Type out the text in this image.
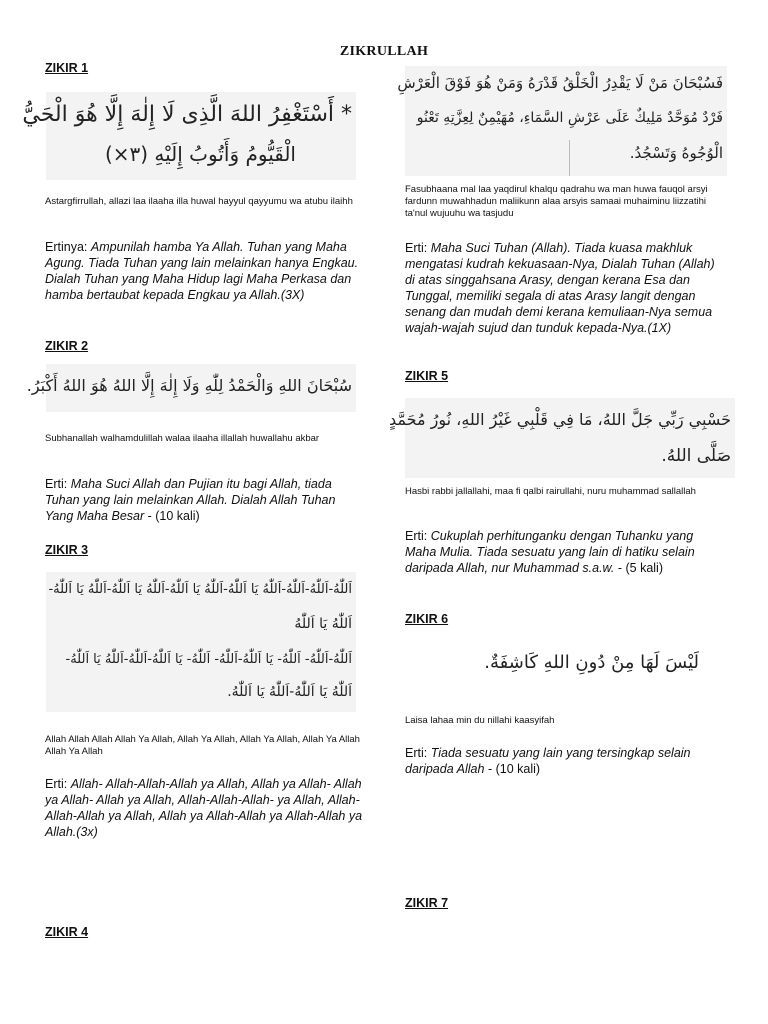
ZIKRULLAH
ZIKIR 1
* أَسْتَغْفِرُ اللهَ الَّذِى لَا إِلٰهَ إِلَّا هُوَ الْحَيُّ
الْقَيُّومُ وَأَتُوبُ إِلَيْهِ (٣×)
Astargfirrullah, allazi laa ilaaha illa huwal hayyul qayyumu wa atubu ilaihh
Ertinya: Ampunilah hamba Ya Allah. Tuhan yang Maha Agung. Tiada Tuhan yang lain melainkan hanya Engkau. Dialah Tuhan yang Maha Hidup lagi Maha Perkasa dan hamba bertaubat kepada Engkau ya Allah.(3X)
ZIKIR 2
سُبْحَانَ اللهِ وَالْحَمْدُ لِلّٰهِ وَلَا إِلٰهَ إِلَّا اللهُ هُوَ اللهُ أَكْبَرُ.
Subhanallah walhamdulillah walaa ilaaha illallah huwallahu akbar
Erti: Maha Suci Allah dan Pujian itu bagi Allah, tiada Tuhan yang lain melainkan Allah. Dialah Allah Tuhan Yang Maha Besar - (10 kali)
ZIKIR 3
اَللّٰهُ-اَللّٰهُ-اَللّٰهُ-اَللّٰهُ يَا اَللّٰهُ-اَللّٰهُ يَا اَللّٰهُ-اَللّٰهُ يَا اَللّٰهُ-اَللّٰهُ يَا اَللّٰهُ-
اَللّٰهُ يَا اَللّٰهُ
اَللّٰهُ-اَللّٰهُ- اَللّٰهُ- يَا اَللّٰهُ-اَللّٰهُ- اَللّٰهُ- يَا اَللّٰهُ-اَللّٰهُ-اَللّٰهُ يَا اَللّٰهُ-
اَللّٰهُ يَا اَللّٰهُ-اَللّٰهُ يَا اَللّٰهُ.
Allah Allah Allah Allah Ya Allah, Allah Ya Allah, Allah Ya Allah, Allah Ya Allah Allah Ya Allah
Erti: Allah- Allah-Allah-Allah ya Allah, Allah ya Allah- Allah ya Allah- Allah ya Allah, Allah-Allah-Allah- ya Allah, Allah-Allah-Allah ya Allah, Allah ya Allah-Allah ya Allah-Allah ya Allah.(3x)
ZIKIR 4
فَسُبْحَانَ مَنْ لَا يَقْدِرُ الْخَلْقُ قَدْرَهُ وَمَنْ هُوَ فَوْقَ الْعَرْشِ
فَرْدٌ مُوَحَّدٌ مَلِيكٌ عَلَى عَرْشِ السَّمَاءِ، مُهَيْمِنٌ لِعِزَّتِهِ تَعْنُو
الْوُجُوهُ وَتَسْجُدُ.
Fasubhaana mal laa yaqdirul khalqu qadrahu wa man huwa fauqol arsyi fardunn muwahhadun maliikunn alaa arsyis samaai muhaiminu liizzatihi ta'nul wujuuhu wa tasjudu
Erti: Maha Suci Tuhan (Allah). Tiada kuasa makhluk mengatasi kudrah kekuasaan-Nya, Dialah Tuhan (Allah) di atas singgahsana Arasy, dengan kerana Esa dan Tunggal, memiliki segala di atas Arasy langit dengan senang dan mudah demi kerana kemuliaan-Nya semua wajah-wajah sujud dan tunduk kepada-Nya.(1X)
ZIKIR 5
حَسْبِي رَبِّي جَلَّ اللهُ، مَا فِي قَلْبِي غَيْرُ اللهِ، نُورُ مُحَمَّدٍ
صَلَّى اللهُ.
Hasbi rabbi jallallahi, maa fi qalbi rairullahi, nuru muhammad sallallah
Erti: Cukuplah perhitunganku dengan Tuhanku yang Maha Mulia. Tiada sesuatu yang lain di hatiku selain daripada Allah, nur Muhammad s.a.w. - (5 kali)
ZIKIR 6
لَيْسَ لَهَا مِنْ دُونِ اللهِ كَاشِفَةٌ.
Laisa lahaa min du nillahi kaasyifah
Erti: Tiada sesuatu yang lain yang tersingkap selain daripada Allah - (10 kali)
ZIKIR 7
